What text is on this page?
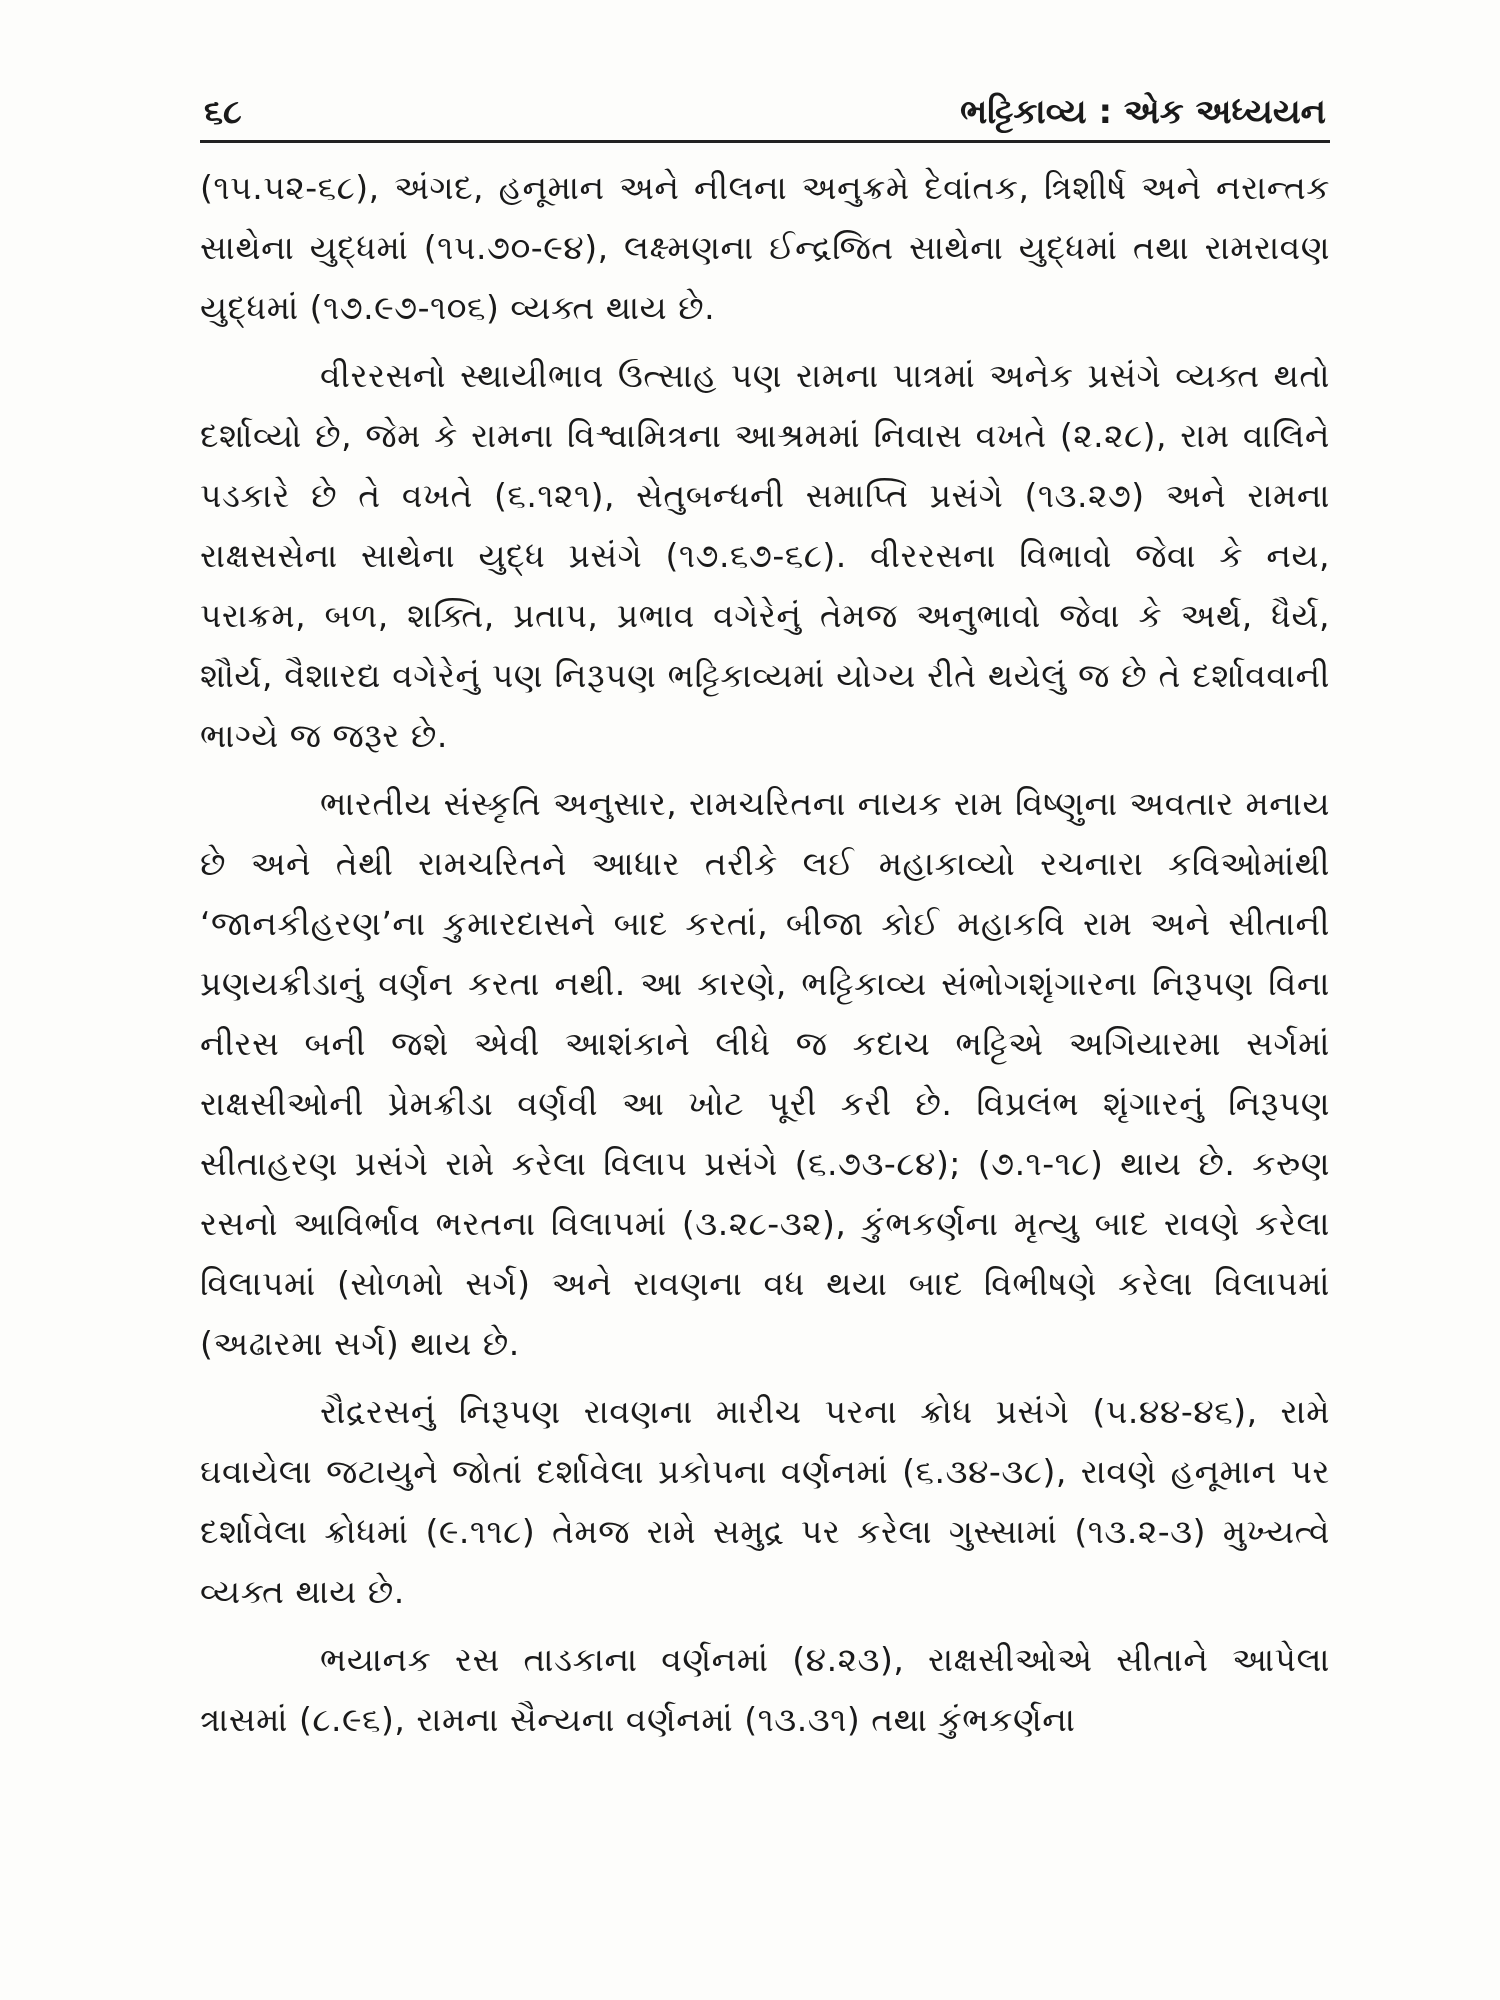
૬૮	ભટ્ટિકાવ્ય : એક અધ્યયન

(૧૫.૫૨-૬૮), અંગદ, હનૂમાન અને નીલના અનુક્રમે દેવાંતક, ત્રિશીર્ષ અને નરાન્તક સાથેના યુદ્ધમાં (૧૫.૭૦-૯૪), લક્ષ્મણના ઈન્દ્રજિત સાથેના યુદ્ધમાં તથા રામરાવણ યુદ્ધમાં (૧૭.૯૭-૧૦૬) વ્યક્ત થાય છે.

વીરરસનો સ્થાયીભાવ ઉત્સાહ પણ રામના પાત્રમાં અનેક પ્રસંગે વ્યક્ત થતો દર્શાવ્યો છે, જેમ કે રામના વિશ્વામિત્રના આશ્રમમાં નિવાસ વખતે (૨.૨૮), રામ વાલિને પડકારે છે તે વખતે (૬.૧૨૧), સેતુબન્ધની સમાપ્તિ પ્રસંગે (૧૩.૨૭) અને રામના રાક્ષસસેના સાથેના યુદ્ધ પ્રસંગે (૧૭.૬૭-૬૮). વીરરસના વિભાવો જેવા કે નય, પરાક્રમ, બળ, શક્તિ, પ્રતાપ, પ્રભાવ વગેરેનું તેમજ અનુભાવો જેવા કે અર્થ, ધૈર્ય, શૌર્ય, વૈશારદ્ય વગેરેનું પણ નિરૂપણ ભટ્ટિકાવ્યમાં યોગ્ય રીતે થયેલું જ છે તે દર્શાવવાની ભાગ્યે જ જરૂર છે.

ભારતીય સંસ્કૃતિ અનુસાર, રામચરિતના નાયક રામ વિષ્ણુના અવતાર મનાય છે અને તેથી રામચરિતને આધાર તરીકે લઈ મહાકાવ્યો રચનારા કવિઓમાંથી ‘જાનકીહરણ’ના કુમારદાસને બાદ કરતાં, બીજા કોઈ મહાકવિ રામ અને સીતાની પ્રણયક્રીડાનું વર્ણન કરતા નથી. આ કારણે, ભટ્ટિકાવ્ય સંભોગશૃંગારના નિરૂપણ વિના નીરસ બની જશે એવી આશંકાને લીધે જ કદાચ ભટ્ટિએ અગિયારમા સર્ગમાં રાક્ષસીઓની પ્રેમક્રીડા વર્ણવી આ ખોટ પૂરી કરી છે. વિપ્રલંભ શૃંગારનું નિરૂપણ સીતાહરણ પ્રસંગે રામે કરેલા વિલાપ પ્રસંગે (૬.૭૩-૮૪); (૭.૧-૧૮) થાય છે. કરુણ રસનો આવિર્ભાવ ભરતના વિલાપમાં (૩.૨૮-૩૨), કુંભકર્ણના મૃત્યુ બાદ રાવણે કરેલા વિલાપમાં (સોળમો સર્ગ) અને રાવણના વધ થયા બાદ વિભીષણે કરેલા વિલાપમાં (અઢારમા સર્ગ) થાય છે.

રૌદ્રરસનું નિરૂપણ રાવણના મારીચ પરના ક્રોધ પ્રસંગે (૫.૪૪-૪૬), રામે ઘવાયેલા જટાયુને જોતાં દર્શાવેલા પ્રકોપના વર્ણનમાં (૬.૩૪-૩૮), રાવણે હનૂમાન પર દર્શાવેલા ક્રોધમાં (૯.૧૧૮) તેમજ રામે સમુદ્ર પર કરેલા ગુસ્સામાં (૧૩.૨-૩) મુખ્યત્વે વ્યક્ત થાય છે.

ભયાનક રસ તાડકાના વર્ણનમાં (૪.૨૩), રાક્ષસીઓએ સીતાને આપેલા ત્રાસમાં (૮.૯૬), રામના સૈન્યના વર્ણનમાં (૧૩.૩૧) તથા કુંભકર્ણના
